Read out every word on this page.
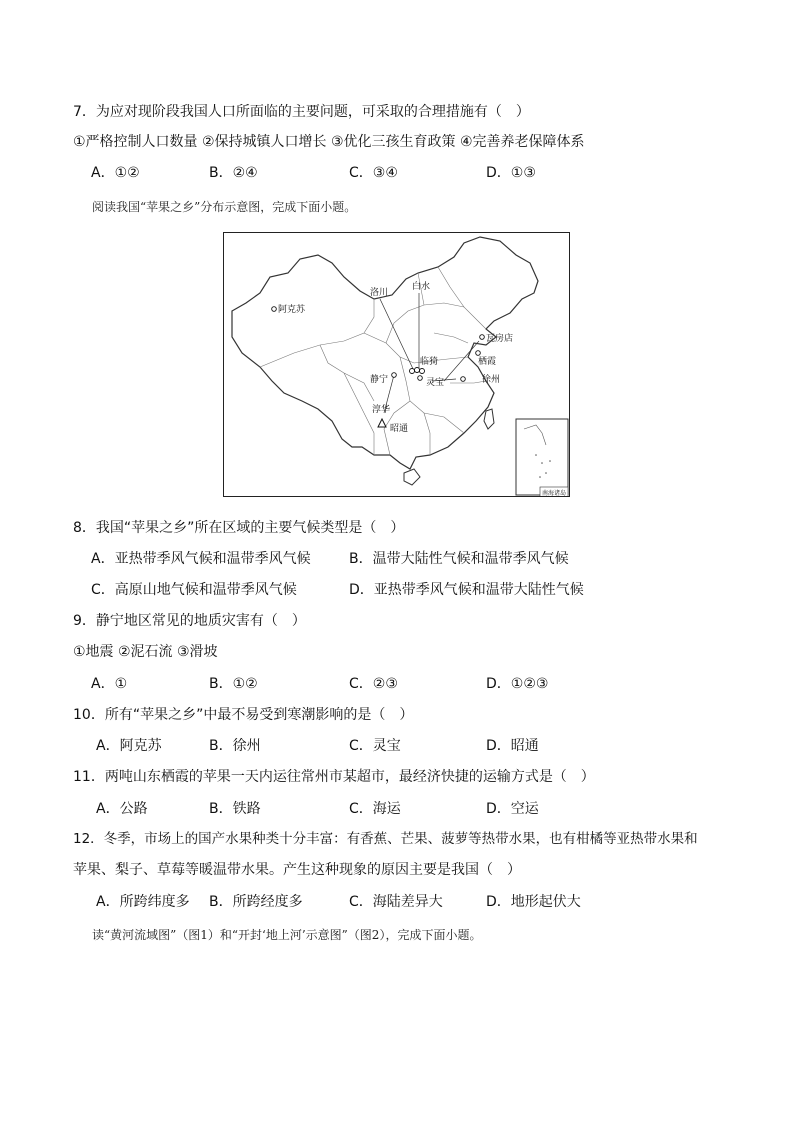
7．为应对现阶段我国人口所面临的主要问题，可采取的合理措施有（　）
①严格控制人口数量 ②保持城镇人口增长 ③优化三孩生育政策 ④完善养老保障体系
A．①②	B．②④	C．③④	D．①③
阅读我国“苹果之乡”分布示意图，完成下面小题。
南海诸岛
阿克苏
洛川
白水
瓦房店
栖霞
临猗
静宁	灵宝	徐州
淳华
昭通
8．我国“苹果之乡”所在区域的主要气候类型是（　）
A．亚热带季风气候和温带季风气候	B．温带大陆性气候和温带季风气候
C．高原山地气候和温带季风气候	D．亚热带季风气候和温带大陆性气候
9．静宁地区常见的地质灾害有（　）
①地震 ②泥石流 ③滑坡
A．①	B．①②	C．②③	D．①②③
10．所有“苹果之乡”中最不易受到寒潮影响的是（　）
A．阿克苏	B．徐州	C．灵宝	D．昭通
11．两吨山东栖霞的苹果一天内运往常州市某超市，最经济快捷的运输方式是（　）
A．公路	B．铁路	C．海运	D．空运
12．冬季，市场上的国产水果种类十分丰富：有香蕉、芒果、菠萝等热带水果，也有柑橘等亚热带水果和
苹果、梨子、草莓等暖温带水果。产生这种现象的原因主要是我国（　）
A．所跨纬度多 B．所跨经度多	C．海陆差异大	D．地形起伏大
读“黄河流域图”（图1）和“开封‘地上河’示意图”（图2），完成下面小题。
